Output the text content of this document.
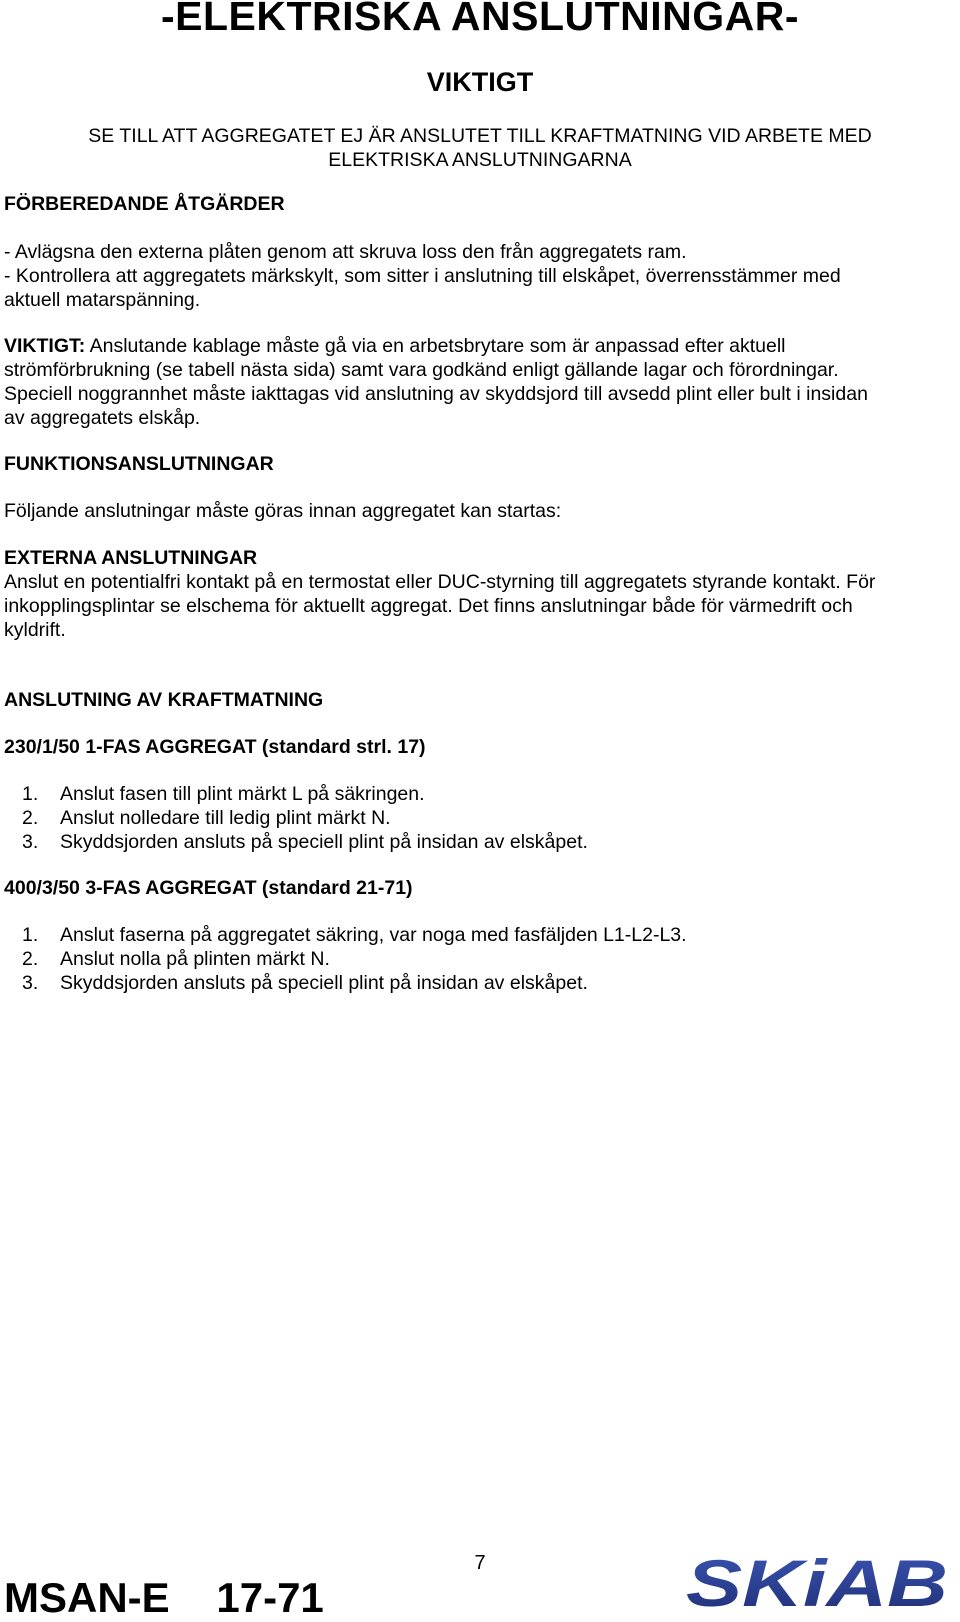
-ELEKTRISKA ANSLUTNINGAR-
VIKTIGT
SE TILL ATT AGGREGATET EJ ÄR ANSLUTET TILL KRAFTMATNING VID ARBETE MED
ELEKTRISKA ANSLUTNINGARNA
FÖRBEREDANDE ÅTGÄRDER
- Avlägsna den externa plåten genom att skruva loss den från aggregatets ram.
- Kontrollera att aggregatets märkskylt, som sitter i anslutning till elskåpet, överrensstämmer med
aktuell matarspänning.
VIKTIGT: Anslutande kablage måste gå via en arbetsbrytare som är anpassad efter aktuell
strömförbrukning (se tabell nästa sida) samt vara godkänd enligt gällande lagar och förordningar.
Speciell noggrannhet måste iakttagas vid anslutning av skyddsjord till avsedd plint eller bult i insidan
av aggregatets elskåp.
FUNKTIONSANSLUTNINGAR
Följande anslutningar måste göras innan aggregatet kan startas:
EXTERNA ANSLUTNINGAR
Anslut en potentialfri kontakt på en termostat eller DUC-styrning till aggregatets styrande kontakt. För
inkopplingsplintar se elschema för aktuellt aggregat. Det finns anslutningar både för värmedrift och
kyldrift.
ANSLUTNING AV KRAFTMATNING
230/1/50 1-FAS AGGREGAT (standard strl. 17)
1. Anslut fasen till plint märkt L på säkringen.
2. Anslut nolledare till ledig plint märkt N.
3. Skyddsjorden ansluts på speciell plint på insidan av elskåpet.
400/3/50 3-FAS AGGREGAT (standard 21-71)
1. Anslut faserna på aggregatet säkring, var noga med fasfäljden L1-L2-L3.
2. Anslut nolla på plinten märkt N.
3. Skyddsjorden ansluts på speciell plint på insidan av elskåpet.
7
MSAN-E 17-71	SKiAB
